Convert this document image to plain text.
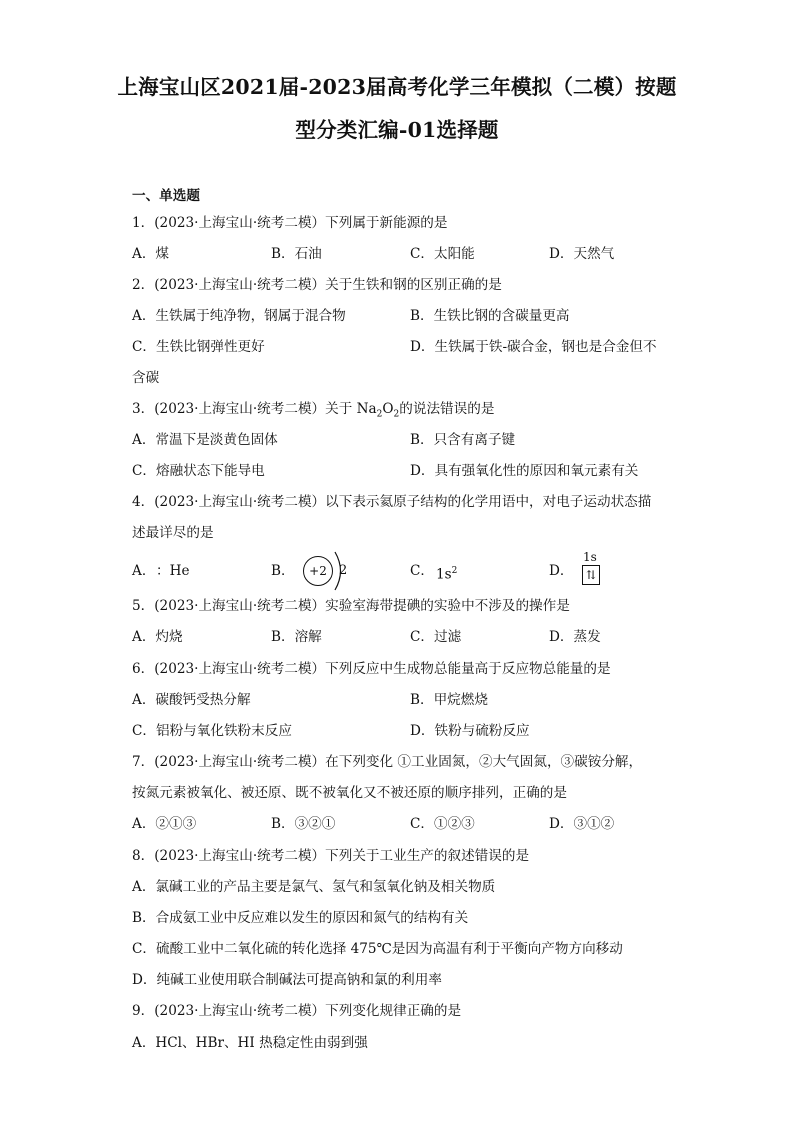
上海宝山区2021届-2023届高考化学三年模拟（二模）按题
型分类汇编-01选择题
一、单选题
1．(2023·上海宝山·统考二模）下列属于新能源的是
A．煤	B．石油	C．太阳能	D．天然气
2．(2023·上海宝山·统考二模）关于生铁和钢的区别正确的是
A．生铁属于纯净物，钢属于混合物	B．生铁比钢的含碳量更高
C．生铁比钢弹性更好	D．生铁属于铁-碳合金，钢也是合金但不
含碳
3．(2023·上海宝山·统考二模）关于 $Na_2O_2$的说法错误的是
A．常温下是淡黄色固体	B．只含有离子键
C．熔融状态下能导电	D．具有强氧化性的原因和氧元素有关
4．(2023·上海宝山·统考二模）以下表示氦原子结构的化学用语中，对电子运动状态描
述最详尽的是
A． ：He	B．	+2 2	C． $1s^2$	D．
1s
⇅
5．(2023·上海宝山·统考二模）实验室海带提碘的实验中不涉及的操作是
A．灼烧	B．溶解	C．过滤	D．蒸发
6．(2023·上海宝山·统考二模）下列反应中生成物总能量高于反应物总能量的是
A．碳酸钙受热分解	B．甲烷燃烧
C．铝粉与氧化铁粉末反应	D．铁粉与硫粉反应
7．(2023·上海宝山·统考二模）在下列变化 ①工业固氮，②大气固氮，③碳铵分解，
按氮元素被氧化、被还原、既不被氧化又不被还原的顺序排列，正确的是
A．②①③	B．③②①	C．①②③	D．③①②
8．(2023·上海宝山·统考二模）下列关于工业生产的叙述错误的是
A．氯碱工业的产品主要是氯气、氢气和氢氧化钠及相关物质
B．合成氨工业中反应难以发生的原因和氮气的结构有关
C．硫酸工业中二氧化硫的转化选择 475℃是因为高温有利于平衡向产物方向移动
D．纯碱工业使用联合制碱法可提高钠和氯的利用率
9．(2023·上海宝山·统考二模）下列变化规律正确的是
A．HCl、HBr、HI 热稳定性由弱到强
